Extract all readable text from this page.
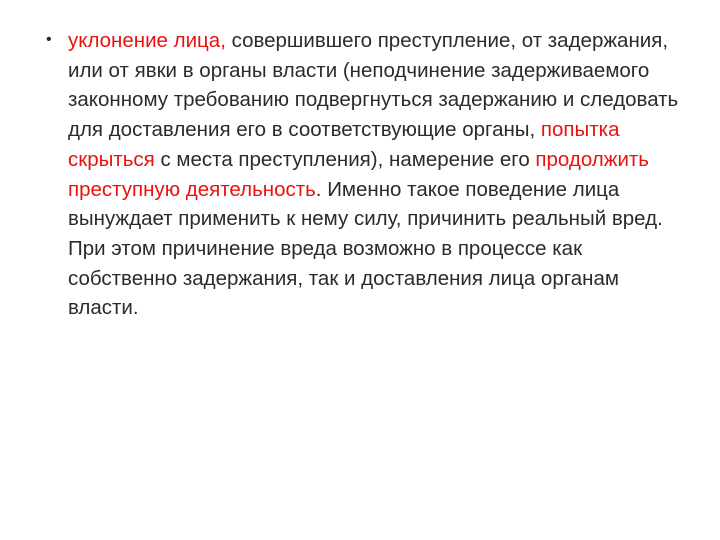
• уклонение лица, совершившего преступление, от задержания, или от явки в органы власти (неподчинение задерживаемого законному требованию подвергнуться задержанию и следовать для доставления его в соответствующие органы, попытка скрыться с места преступления), намерение его продолжить преступную деятельность. Именно такое поведение лица вынуждает применить к нему силу, причинить реальный вред. При этом причинение вреда возможно в процессе как собственно задержания, так и доставления лица органам власти.
